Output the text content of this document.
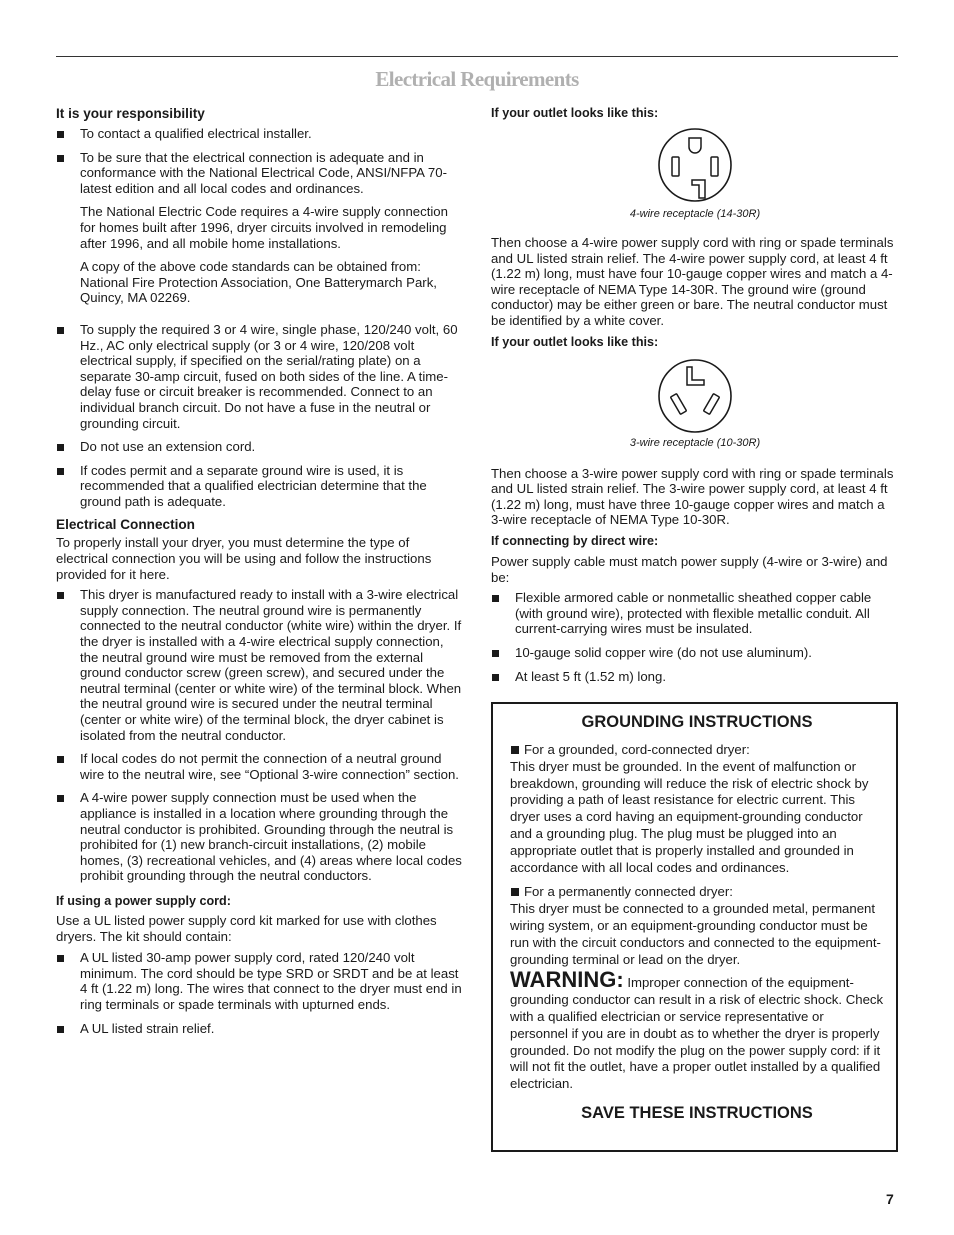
Electrical Requirements
It is your responsibility
To contact a qualified electrical installer.
To be sure that the electrical connection is adequate and in conformance with the National Electrical Code, ANSI/NFPA 70-latest edition and all local codes and ordinances.

The National Electric Code requires a 4-wire supply connection for homes built after 1996, dryer circuits involved in remodeling after 1996, and all mobile home installations.

A copy of the above code standards can be obtained from: National Fire Protection Association, One Batterymarch Park, Quincy, MA 02269.

To supply the required 3 or 4 wire, single phase, 120/240 volt, 60 Hz., AC only electrical supply (or 3 or 4 wire, 120/208 volt electrical supply, if specified on the serial/rating plate) on a separate 30-amp circuit, fused on both sides of the line. A time-delay fuse or circuit breaker is recommended. Connect to an individual branch circuit. Do not have a fuse in the neutral or grounding circuit.
Do not use an extension cord.
If codes permit and a separate ground wire is used, it is recommended that a qualified electrician determine that the ground path is adequate.
Electrical Connection

To properly install your dryer, you must determine the type of electrical connection you will be using and follow the instructions provided for it here.

This dryer is manufactured ready to install with a 3-wire electrical supply connection. The neutral ground wire is permanently connected to the neutral conductor (white wire) within the dryer. If the dryer is installed with a 4-wire electrical supply connection, the neutral ground wire must be removed from the external ground conductor screw (green screw), and secured under the neutral terminal (center or white wire) of the terminal block. When the neutral ground wire is secured under the neutral terminal (center or white wire) of the terminal block, the dryer cabinet is isolated from the neutral conductor.
If local codes do not permit the connection of a neutral ground wire to the neutral wire, see “Optional 3-wire connection” section.
A 4-wire power supply connection must be used when the appliance is installed in a location where grounding through the neutral conductor is prohibited. Grounding through the neutral is prohibited for (1) new branch-circuit installations, (2) mobile homes, (3) recreational vehicles, and (4) areas where local codes prohibit grounding through the neutral conductors.
If using a power supply cord:

Use a UL listed power supply cord kit marked for use with clothes dryers. The kit should contain:

A UL listed 30-amp power supply cord, rated 120/240 volt minimum. The cord should be type SRD or SRDT and be at least 4 ft (1.22 m) long. The wires that connect to the dryer must end in ring terminals or spade terminals with upturned ends.
A UL listed strain relief.
If your outlet looks like this:
4-wire receptacle (14-30R)

Then choose a 4-wire power supply cord with ring or spade terminals and UL listed strain relief. The 4-wire power supply cord, at least 4 ft (1.22 m) long, must have four 10-gauge copper wires and match a 4-wire receptacle of NEMA Type 14-30R. The ground wire (ground conductor) may be either green or bare. The neutral conductor must be identified by a white cover.

If your outlet looks like this:
3-wire receptacle (10-30R)

Then choose a 3-wire power supply cord with ring or spade terminals and UL listed strain relief. The 3-wire power supply cord, at least 4 ft (1.22 m) long, must have three 10-gauge copper wires and match a 3-wire receptacle of NEMA Type 10-30R.

If connecting by direct wire:

Power supply cable must match power supply (4-wire or 3-wire) and be:

Flexible armored cable or nonmetallic sheathed copper cable (with ground wire), protected with flexible metallic conduit. All current-carrying wires must be insulated.
10-gauge solid copper wire (do not use aluminum).
At least 5 ft (1.52 m) long.
GROUNDING INSTRUCTIONS
For a grounded, cord-connected dryer:

This dryer must be grounded. In the event of malfunction or breakdown, grounding will reduce the risk of electric shock by providing a path of least resistance for electric current. This dryer uses a cord having an equipment-grounding conductor and a grounding plug. The plug must be plugged into an appropriate outlet that is properly installed and grounded in accordance with all local codes and ordinances.

For a permanently connected dryer:

This dryer must be connected to a grounded metal, permanent wiring system, or an equipment-grounding conductor must be run with the circuit conductors and connected to the equipment-grounding terminal or lead on the dryer.

WARNING: Improper connection of the equipment-grounding conductor can result in a risk of electric shock. Check with a qualified electrician or service representative or personnel if you are in doubt as to whether the dryer is properly grounded. Do not modify the plug on the power supply cord: if it will not fit the outlet, have a proper outlet installed by a qualified electrician.

SAVE THESE INSTRUCTIONS
7
